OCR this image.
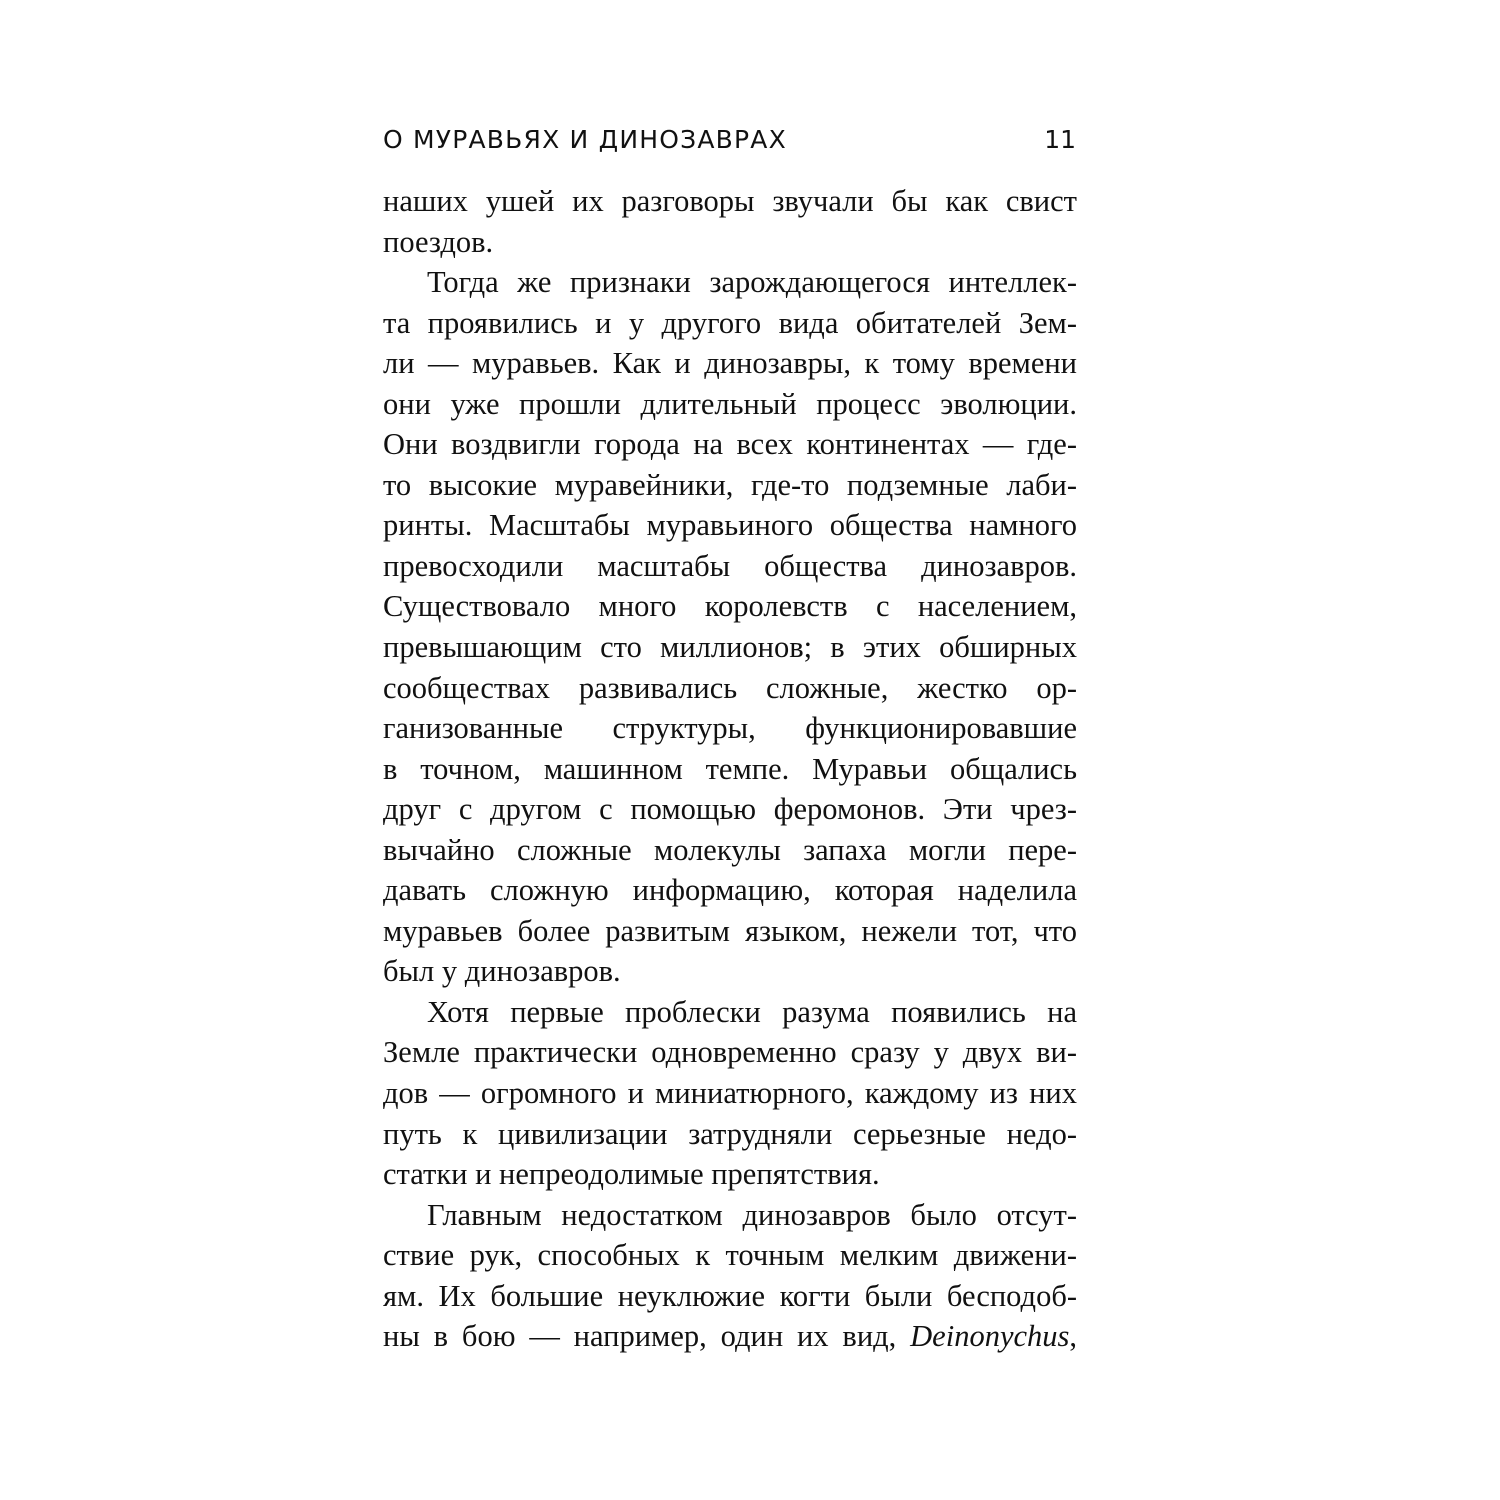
О МУРАВЬЯХ И ДИНОЗАВРАХ	11
наших ушей их разговоры звучали бы как свист
поездов.
Тогда же признаки зарождающегося интеллек-
та проявились и у другого вида обитателей Зем-
ли — муравьев. Как и динозавры, к тому времени
они уже прошли длительный процесс эволюции.
Они воздвигли города на всех континентах — где-
то высокие муравейники, где-то подземные лаби-
ринты. Масштабы муравьиного общества намного
превосходили масштабы общества динозавров.
Существовало много королевств с населением,
превышающим сто миллионов; в этих обширных
сообществах развивались сложные, жестко ор-
ганизованные структуры, функционировавшие
в точном, машинном темпе. Муравьи общались
друг с другом с помощью феромонов. Эти чрез-
вычайно сложные молекулы запаха могли пере-
давать сложную информацию, которая наделила
муравьев более развитым языком, нежели тот, что
был у динозавров.
Хотя первые проблески разума появились на
Земле практически одновременно сразу у двух ви-
дов — огромного и миниатюрного, каждому из них
путь к цивилизации затрудняли серьезные недо-
статки и непреодолимые препятствия.
Главным недостатком динозавров было отсут-
ствие рук, способных к точным мелким движени-
ям. Их большие неуклюжие когти были бесподоб-
ны в бою — например, один их вид, Deinonychus,
